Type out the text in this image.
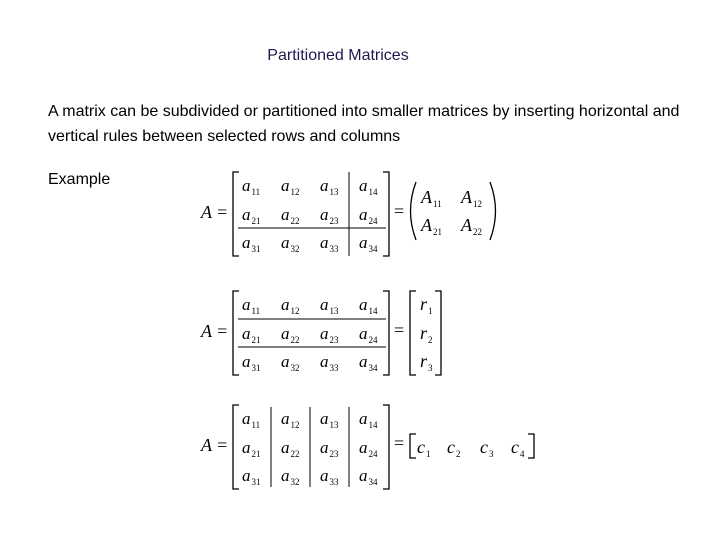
Partitioned Matrices

A matrix can be subdivided or partitioned into smaller matrices by inserting horizontal and vertical rules between selected rows and columns

Example
A =
$a_{11}$ $a_{12}$ $a_{13}$ $a_{14}$
$a_{21}$ $a_{22}$ $a_{23}$ $a_{24}$
$a_{31}$ $a_{32}$ $a_{33}$ $a_{34}$
=
$A_{11}$ $A_{12}$
$A_{21}$ $A_{22}$
A =
$a_{11}$ $a_{12}$ $a_{13}$ $a_{14}$
$a_{21}$ $a_{22}$ $a_{23}$ $a_{24}$
$a_{31}$ $a_{32}$ $a_{33}$ $a_{34}$
=
$r_1$
$r_2$
$r_3$
A =
$a_{11}$ $a_{12}$ $a_{13}$ $a_{14}$
$a_{21}$ $a_{22}$ $a_{23}$ $a_{24}$
$a_{31}$ $a_{32}$ $a_{33}$ $a_{34}$
= $c_1$ $c_2$ $c_3$ $c_4$
